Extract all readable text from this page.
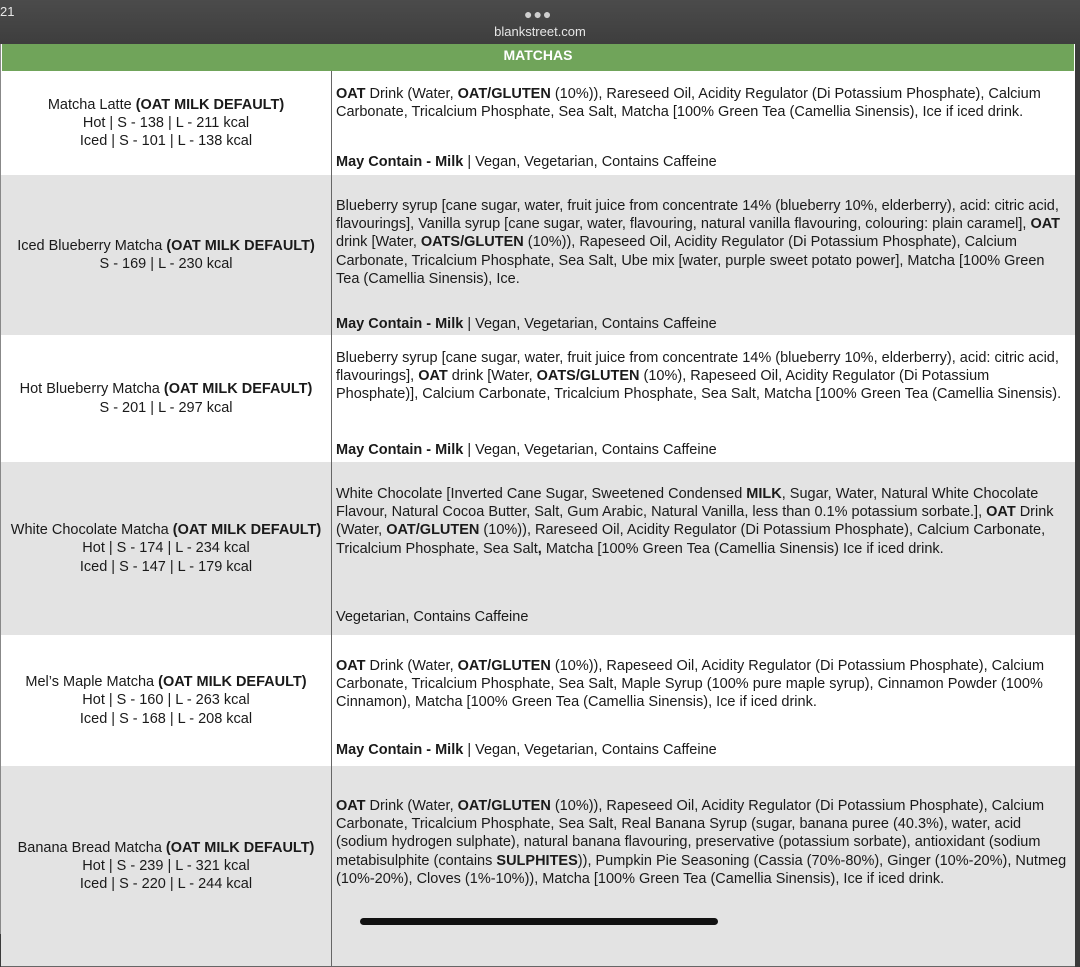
21	●●●
blankstreet.com
MATCHAS
Matcha Latte (OAT MILK DEFAULT)
Hot | S - 138 | L - 211 kcal
Iced | S - 101 | L - 138 kcal
OAT Drink (Water, OAT/GLUTEN (10%)), Rareseed Oil, Acidity Regulator (Di Potassium Phosphate), Calcium Carbonate, Tricalcium Phosphate, Sea Salt, Matcha [100% Green Tea (Camellia Sinensis), Ice if iced drink.
May Contain - Milk | Vegan, Vegetarian, Contains Caffeine
Iced Blueberry Matcha (OAT MILK DEFAULT)
S - 169 | L - 230 kcal
Blueberry syrup [cane sugar, water, fruit juice from concentrate 14% (blueberry 10%, elderberry), acid: citric acid, flavourings], Vanilla syrup [cane sugar, water, flavouring, natural vanilla flavouring, colouring: plain caramel], OAT drink [Water, OATS/GLUTEN (10%)), Rapeseed Oil, Acidity Regulator (Di Potassium Phosphate), Calcium Carbonate, Tricalcium Phosphate, Sea Salt, Ube mix [water, purple sweet potato power], Matcha [100% Green Tea (Camellia Sinensis), Ice.
May Contain - Milk | Vegan, Vegetarian, Contains Caffeine
Hot Blueberry Matcha (OAT MILK DEFAULT)
S - 201 | L - 297 kcal
Blueberry syrup [cane sugar, water, fruit juice from concentrate 14% (blueberry 10%, elderberry), acid: citric acid, flavourings], OAT drink [Water, OATS/GLUTEN (10%), Rapeseed Oil, Acidity Regulator (Di Potassium Phosphate)], Calcium Carbonate, Tricalcium Phosphate, Sea Salt, Matcha [100% Green Tea (Camellia Sinensis).
May Contain - Milk | Vegan, Vegetarian, Contains Caffeine
White Chocolate Matcha (OAT MILK DEFAULT)
Hot | S - 174 | L - 234 kcal
Iced | S - 147 | L - 179 kcal
White Chocolate [Inverted Cane Sugar, Sweetened Condensed MILK, Sugar, Water, Natural White Chocolate Flavour, Natural Cocoa Butter, Salt, Gum Arabic, Natural Vanilla, less than 0.1% potassium sorbate.], OAT Drink (Water, OAT/GLUTEN (10%)), Rareseed Oil, Acidity Regulator (Di Potassium Phosphate), Calcium Carbonate, Tricalcium Phosphate, Sea Salt, Matcha [100% Green Tea (Camellia Sinensis) Ice if iced drink.
Vegetarian, Contains Caffeine
Mel’s Maple Matcha (OAT MILK DEFAULT)
Hot | S - 160 | L - 263 kcal
Iced | S - 168 | L - 208 kcal
OAT Drink (Water, OAT/GLUTEN (10%)), Rapeseed Oil, Acidity Regulator (Di Potassium Phosphate), Calcium Carbonate, Tricalcium Phosphate, Sea Salt, Maple Syrup (100% pure maple syrup), Cinnamon Powder (100% Cinnamon), Matcha [100% Green Tea (Camellia Sinensis), Ice if iced drink.
May Contain - Milk | Vegan, Vegetarian, Contains Caffeine
Banana Bread Matcha (OAT MILK DEFAULT)
Hot | S - 239 | L - 321 kcal
Iced | S - 220 | L - 244 kcal
OAT Drink (Water, OAT/GLUTEN (10%)), Rapeseed Oil, Acidity Regulator (Di Potassium Phosphate), Calcium Carbonate, Tricalcium Phosphate, Sea Salt, Real Banana Syrup (sugar, banana puree (40.3%), water, acid (sodium hydrogen sulphate), natural banana flavouring, preservative (potassium sorbate), antioxidant (sodium metabisulphite (contains SULPHITES)), Pumpkin Pie Seasoning (Cassia (70%-80%), Ginger (10%-20%), Nutmeg (10%-20%), Cloves (1%-10%)), Matcha [100% Green Tea (Camellia Sinensis), Ice if iced drink.
